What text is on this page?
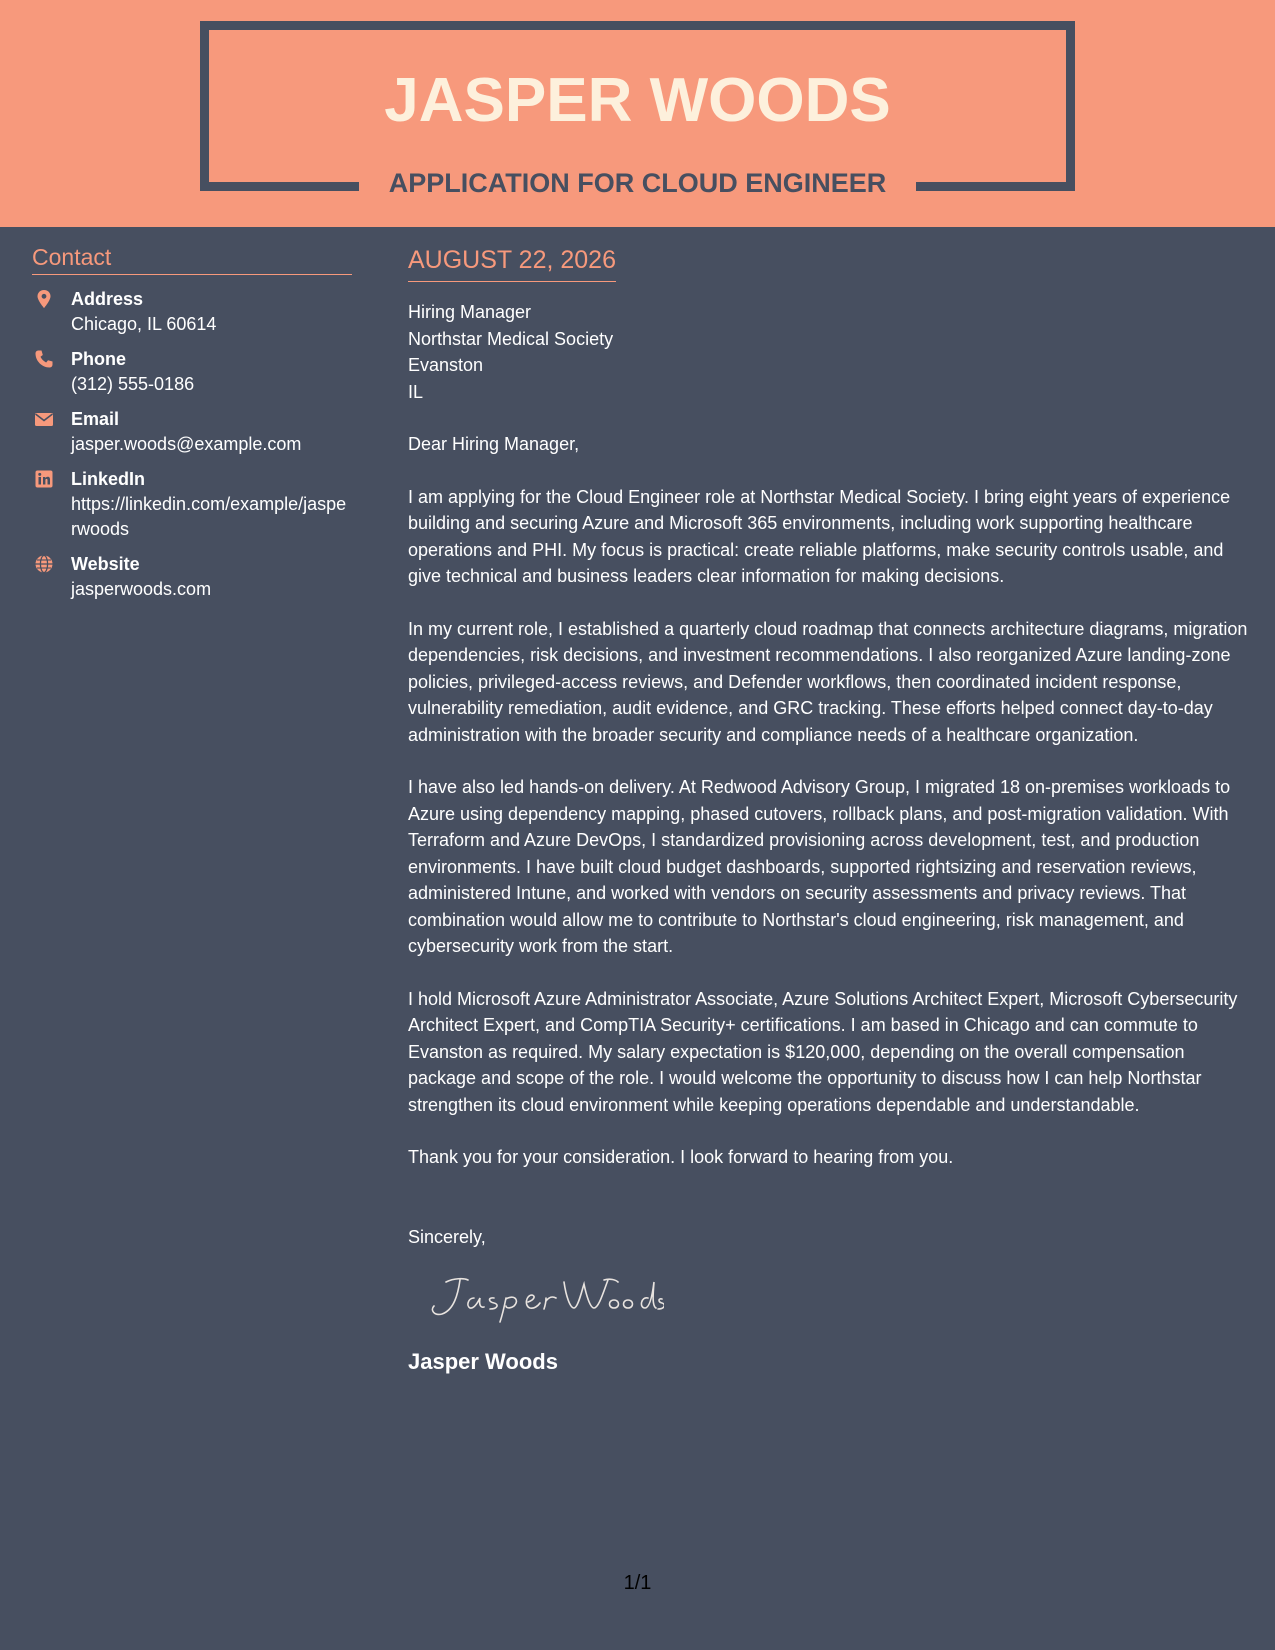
JASPER WOODS
APPLICATION FOR CLOUD ENGINEER
Contact
Address
Chicago, IL 60614
Phone
(312) 555-0186
Email
jasper.woods@example.com
LinkedIn
https://linkedin.com/example/jasperwoods
Website
jasperwoods.com
AUGUST 22, 2026
Hiring Manager
Northstar Medical Society
Evanston
IL
Dear Hiring Manager,
I am applying for the Cloud Engineer role at Northstar Medical Society. I bring eight years of experience building and securing Azure and Microsoft 365 environments, including work supporting healthcare operations and PHI. My focus is practical: create reliable platforms, make security controls usable, and give technical and business leaders clear information for making decisions.
In my current role, I established a quarterly cloud roadmap that connects architecture diagrams, migration dependencies, risk decisions, and investment recommendations. I also reorganized Azure landing-zone policies, privileged-access reviews, and Defender workflows, then coordinated incident response, vulnerability remediation, audit evidence, and GRC tracking. These efforts helped connect day-to-day administration with the broader security and compliance needs of a healthcare organization.
I have also led hands-on delivery. At Redwood Advisory Group, I migrated 18 on-premises workloads to Azure using dependency mapping, phased cutovers, rollback plans, and post-migration validation. With Terraform and Azure DevOps, I standardized provisioning across development, test, and production environments. I have built cloud budget dashboards, supported rightsizing and reservation reviews, administered Intune, and worked with vendors on security assessments and privacy reviews. That combination would allow me to contribute to Northstar's cloud engineering, risk management, and cybersecurity work from the start.
I hold Microsoft Azure Administrator Associate, Azure Solutions Architect Expert, Microsoft Cybersecurity Architect Expert, and CompTIA Security+ certifications. I am based in Chicago and can commute to Evanston as required. My salary expectation is $120,000, depending on the overall compensation package and scope of the role. I would welcome the opportunity to discuss how I can help Northstar strengthen its cloud environment while keeping operations dependable and understandable.
Thank you for your consideration. I look forward to hearing from you.
Sincerely,
Jasper Woods
1/1
